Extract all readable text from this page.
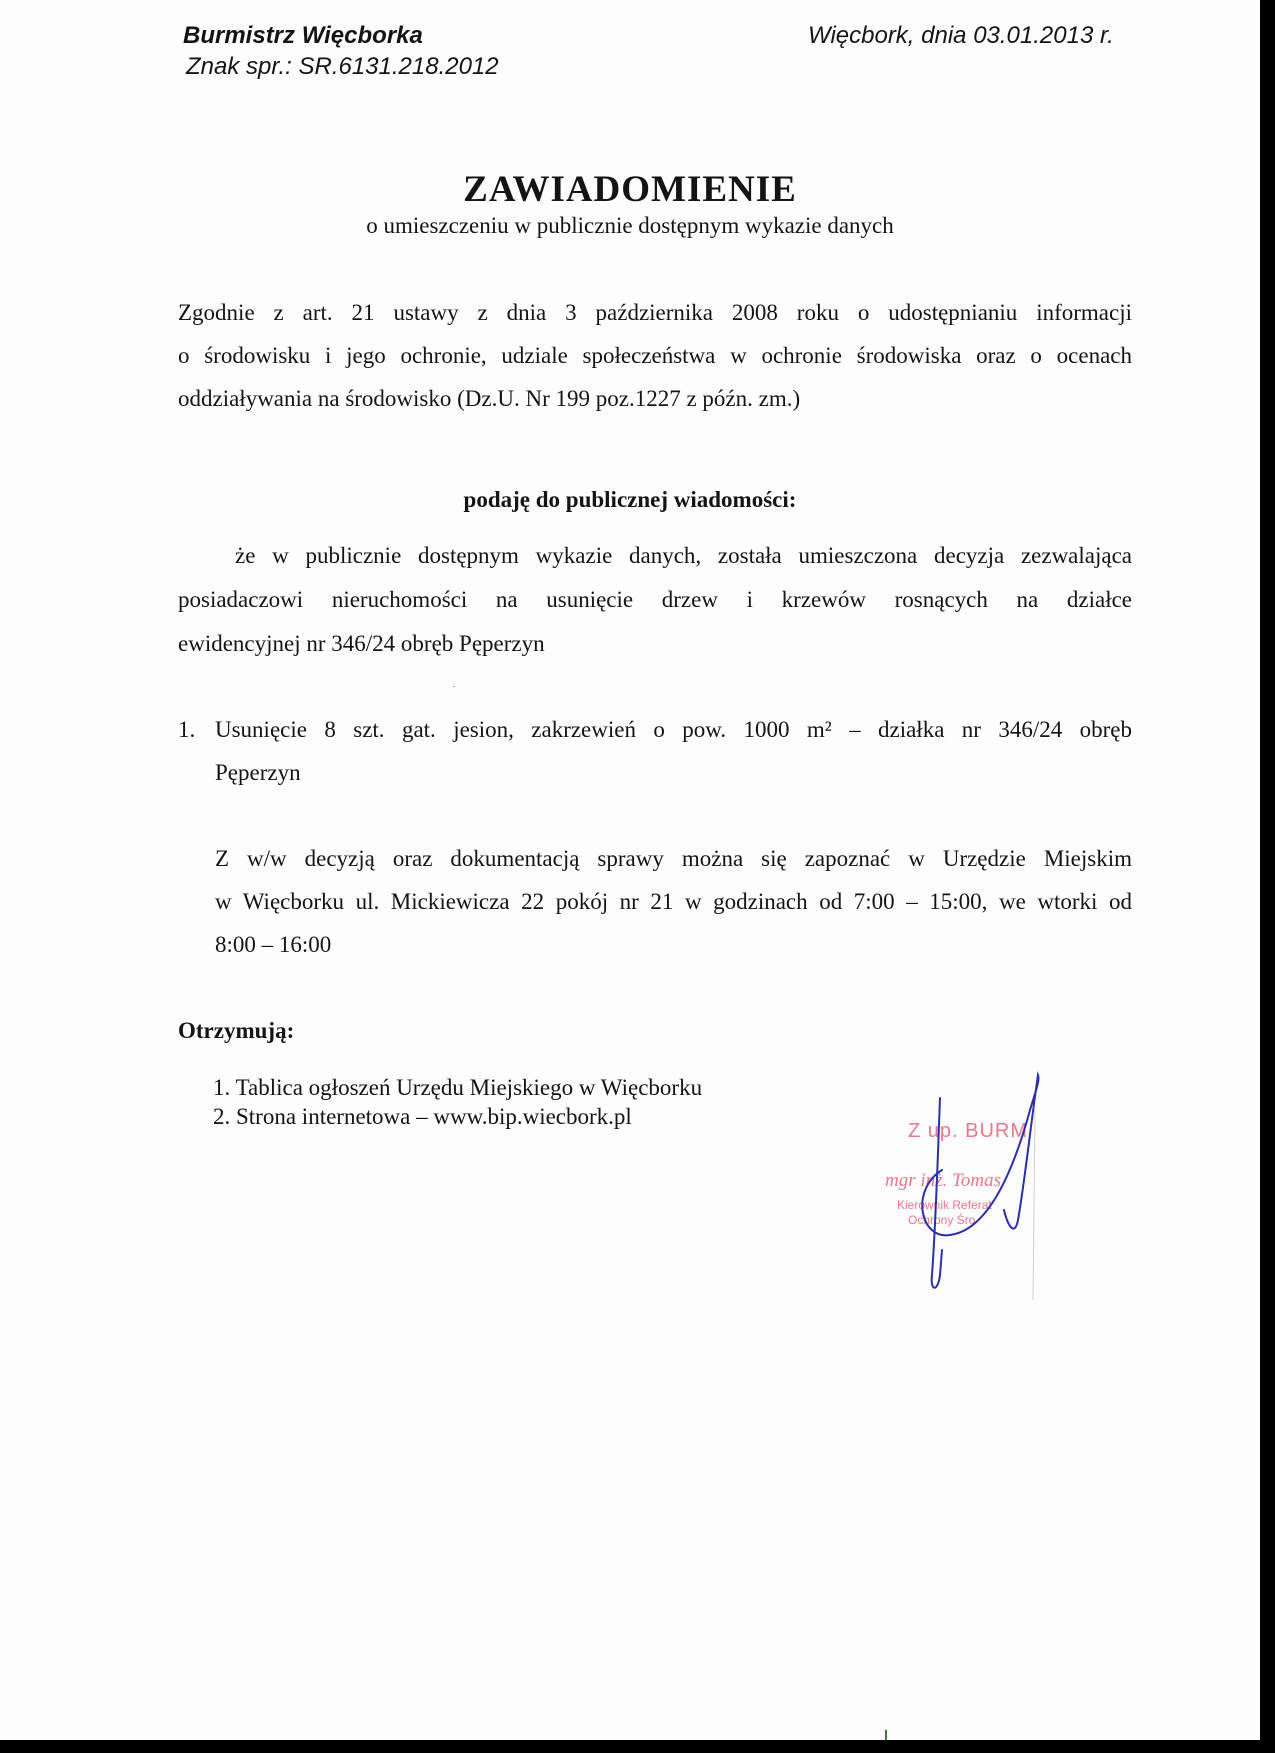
Burmistrz Więcborka
Znak spr.: SR.6131.218.2012
Więcbork, dnia 03.01.2013 r.
ZAWIADOMIENIE
o umieszczeniu w publicznie dostępnym wykazie danych
Zgodnie z art. 21 ustawy z dnia 3 października 2008 roku o udostępnianiu informacji
o środowisku i jego ochronie, udziale społeczeństwa w ochronie środowiska oraz o ocenach
oddziaływania na środowisko (Dz.U. Nr 199 poz.1227 z późn. zm.)
podaję do publicznej wiadomości:
że w publicznie dostępnym wykazie danych, została umieszczona decyzja zezwalająca
posiadaczowi nieruchomości na usunięcie drzew i krzewów rosnących na działce
ewidencyjnej nr 346/24 obręb Pęperzyn
1. Usunięcie 8 szt. gat. jesion, zakrzewień o pow. 1000 m² – działka nr 346/24 obręb
Pęperzyn
Z w/w decyzją oraz dokumentacją sprawy można się zapoznać w Urzędzie Miejskim
w Więcborku ul. Mickiewicza 22 pokój nr 21 w godzinach od 7:00 – 15:00, we wtorki od
8:00 – 16:00
Otrzymują:
1. Tablica ogłoszeń Urzędu Miejskiego w Więcborku
2. Strona internetowa – www.bip.wiecbork.pl
Z up. BURM
mgr inż. Tomas
Kierownik Referat
Ochrony Śro
